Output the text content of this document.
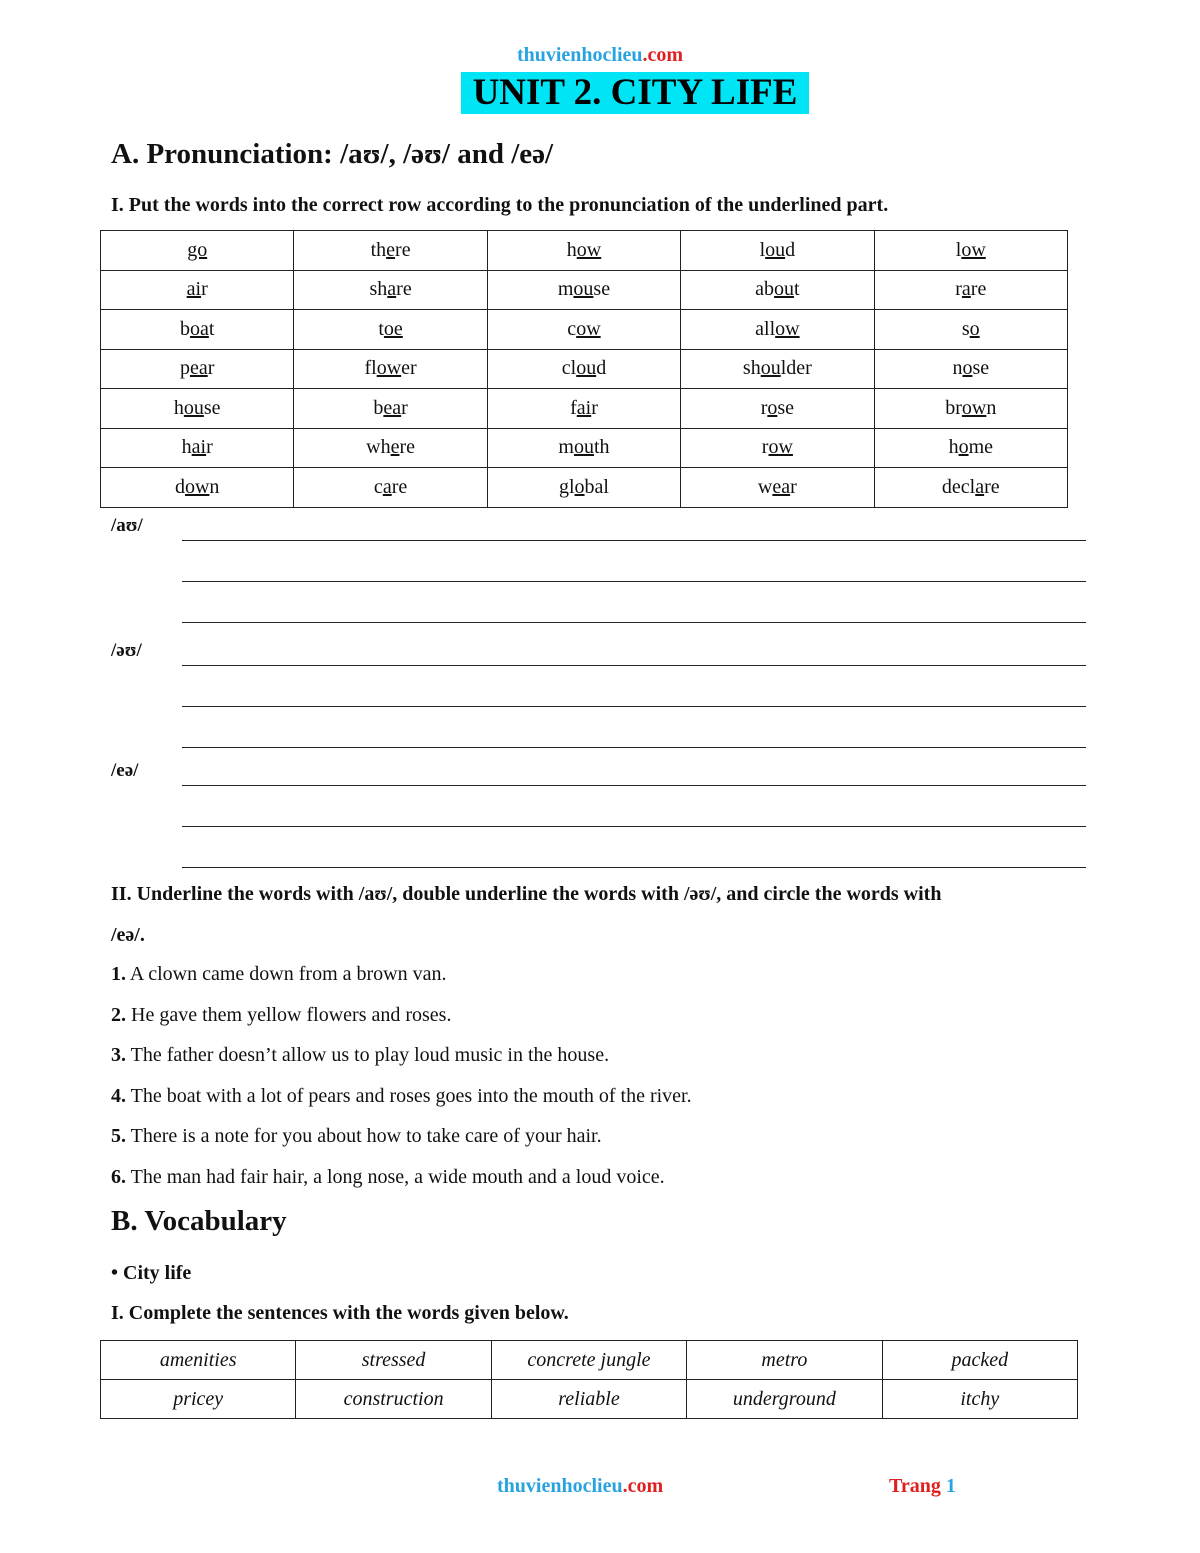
thuvienhoclieu.com
UNIT 2. CITY LIFE
A. Pronunciation: /aʊ/, /əʊ/ and /eə/
I. Put the words into the correct row according to the pronunciation of the underlined part.
go	there	how	loud	low
air	share	mouse	about	rare
boat	toe	cow	allow	so
pear	flower	cloud	shoulder	nose
house	bear	fair	rose	brown
hair	where	mouth	row	home
down	care	global	wear	declare
/aʊ/
/əʊ/
/eə/
II. Underline the words with /aʊ/, double underline the words with /əʊ/, and circle the words with
/eə/.
1. A clown came down from a brown van.
2. He gave them yellow flowers and roses.
3. The father doesn’t allow us to play loud music in the house.
4. The boat with a lot of pears and roses goes into the mouth of the river.
5. There is a note for you about how to take care of your hair.
6. The man had fair hair, a long nose, a wide mouth and a loud voice.
B. Vocabulary
• City life
I. Complete the sentences with the words given below.
amenities	stressed	concrete jungle	metro	packed
pricey	construction	reliable	underground	itchy
thuvienhoclieu.com	Trang 1
